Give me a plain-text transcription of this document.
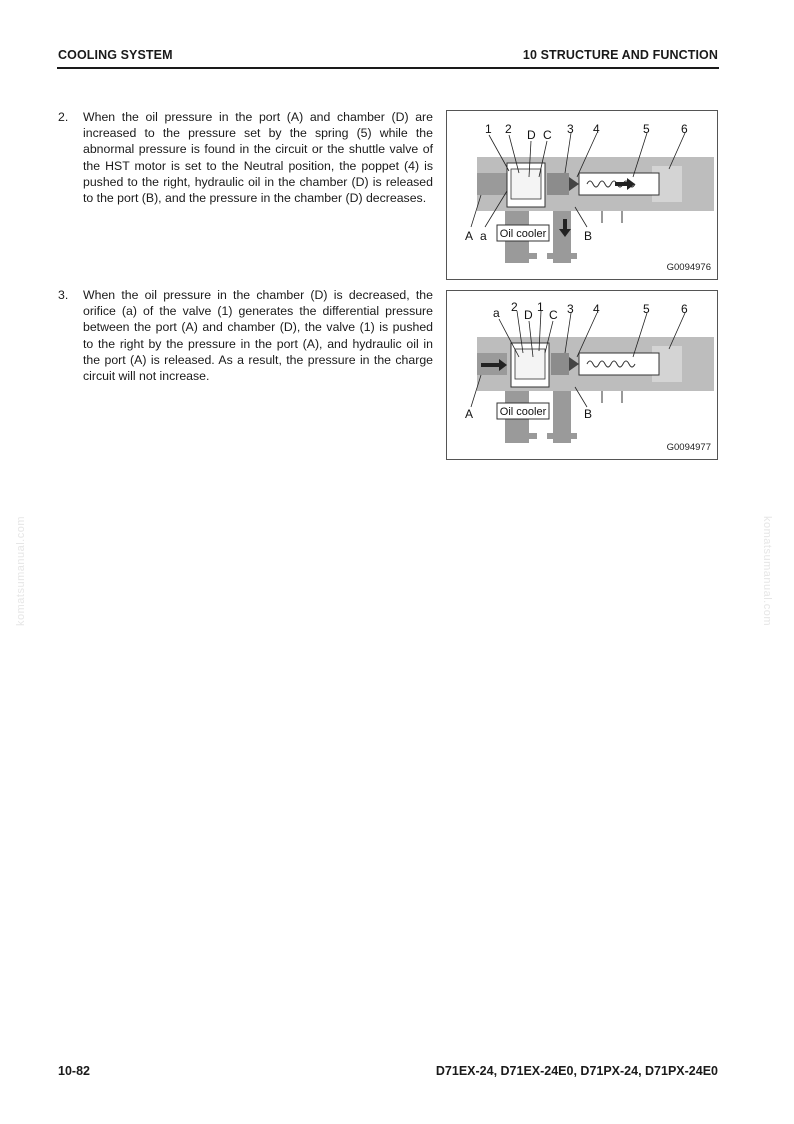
COOLING SYSTEM	10 STRUCTURE AND FUNCTION
2. When the oil pressure in the port (A) and chamber (D) are increased to the pressure set by the spring (5) while the abnormal pressure is found in the circuit or the shuttle valve of the HST motor is set to the Neutral position, the poppet (4) is pushed to the right, hydraulic oil in the chamber (D) is released to the port (B), and the pressure in the chamber (D) decreases.
3. When the oil pressure in the chamber (D) is decreased, the orifice (a) of the valve (1) generates the differential pressure between the port (A) and chamber (D), the valve (1) is pushed to the right by the pressure in the port (A), and hydraulic oil in the port (A) is released. As a result, the pressure in the charge circuit will not increase.
Oil cooler
1 2 D C 3 4	5	6
A a	B
G0094976
Oil cooler
a 2
D
1
C 3 4	5	6
A	B
G0094977
komatsumanual.com	komatsumanual.com
10-82	D71EX-24, D71EX-24E0, D71PX-24, D71PX-24E0
